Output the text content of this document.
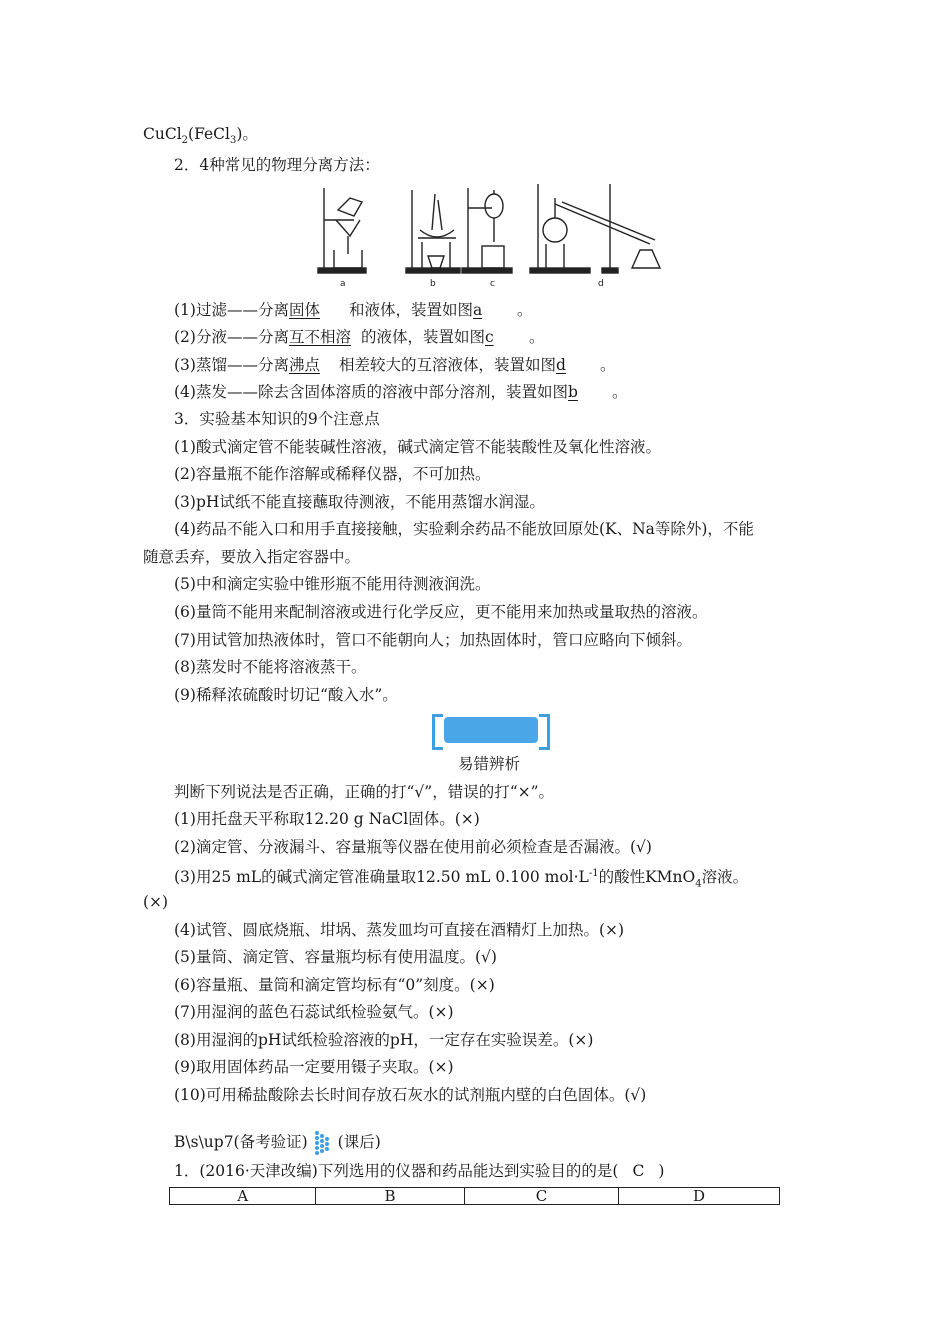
CuCl$_2$(FeCl$_3$)。
2．4种常见的物理分离方法：
a	b	c	d
(1)过滤——分离固体 和液体，装置如图a 。
(2)分液——分离互不相溶 的液体，装置如图c 。
(3)蒸馏——分离沸点 相差较大的互溶液体，装置如图d 。
(4)蒸发——除去含固体溶质的溶液中部分溶剂，装置如图b 。
3．实验基本知识的9个注意点
(1)酸式滴定管不能装碱性溶液，碱式滴定管不能装酸性及氧化性溶液。
(2)容量瓶不能作溶解或稀释仪器，不可加热。
(3)pH试纸不能直接蘸取待测液，不能用蒸馏水润湿。
(4)药品不能入口和用手直接接触，实验剩余药品不能放回原处(K、Na等除外)，不能
随意丢弃，要放入指定容器中。
(5)中和滴定实验中锥形瓶不能用待测液润洗。
(6)量筒不能用来配制溶液或进行化学反应，更不能用来加热或量取热的溶液。
(7)用试管加热液体时，管口不能朝向人；加热固体时，管口应略向下倾斜。
(8)蒸发时不能将溶液蒸干。
(9)稀释浓硫酸时切记“酸入水”。
易错辨析
判断下列说法是否正确，正确的打“√”，错误的打“×”。
(1)用托盘天平称取12.20 g NaCl固体。(×)
(2)滴定管、分液漏斗、容量瓶等仪器在使用前必须检查是否漏液。(√)
(3)用25 mL的碱式滴定管准确量取12.50 mL 0.100 $mol\cdot L^{-1}$的酸性KMnO$_4$溶液。
(×)
(4)试管、圆底烧瓶、坩埚、蒸发皿均可直接在酒精灯上加热。(×)
(5)量筒、滴定管、容量瓶均标有使用温度。(√)
(6)容量瓶、量筒和滴定管均标有“0”刻度。(×)
(7)用湿润的蓝色石蕊试纸检验氨气。(×)
(8)用湿润的pH试纸检验溶液的pH，一定存在实验误差。(×)
(9)取用固体药品一定要用镊子夹取。(×)
(10)可用稀盐酸除去长时间存放石灰水的试剂瓶内壁的白色固体。(√)
B\s\up7(备考验证) (课后)
1．(2016·天津改编)下列选用的仪器和药品能达到实验目的的是( C )
A	B	C	D
